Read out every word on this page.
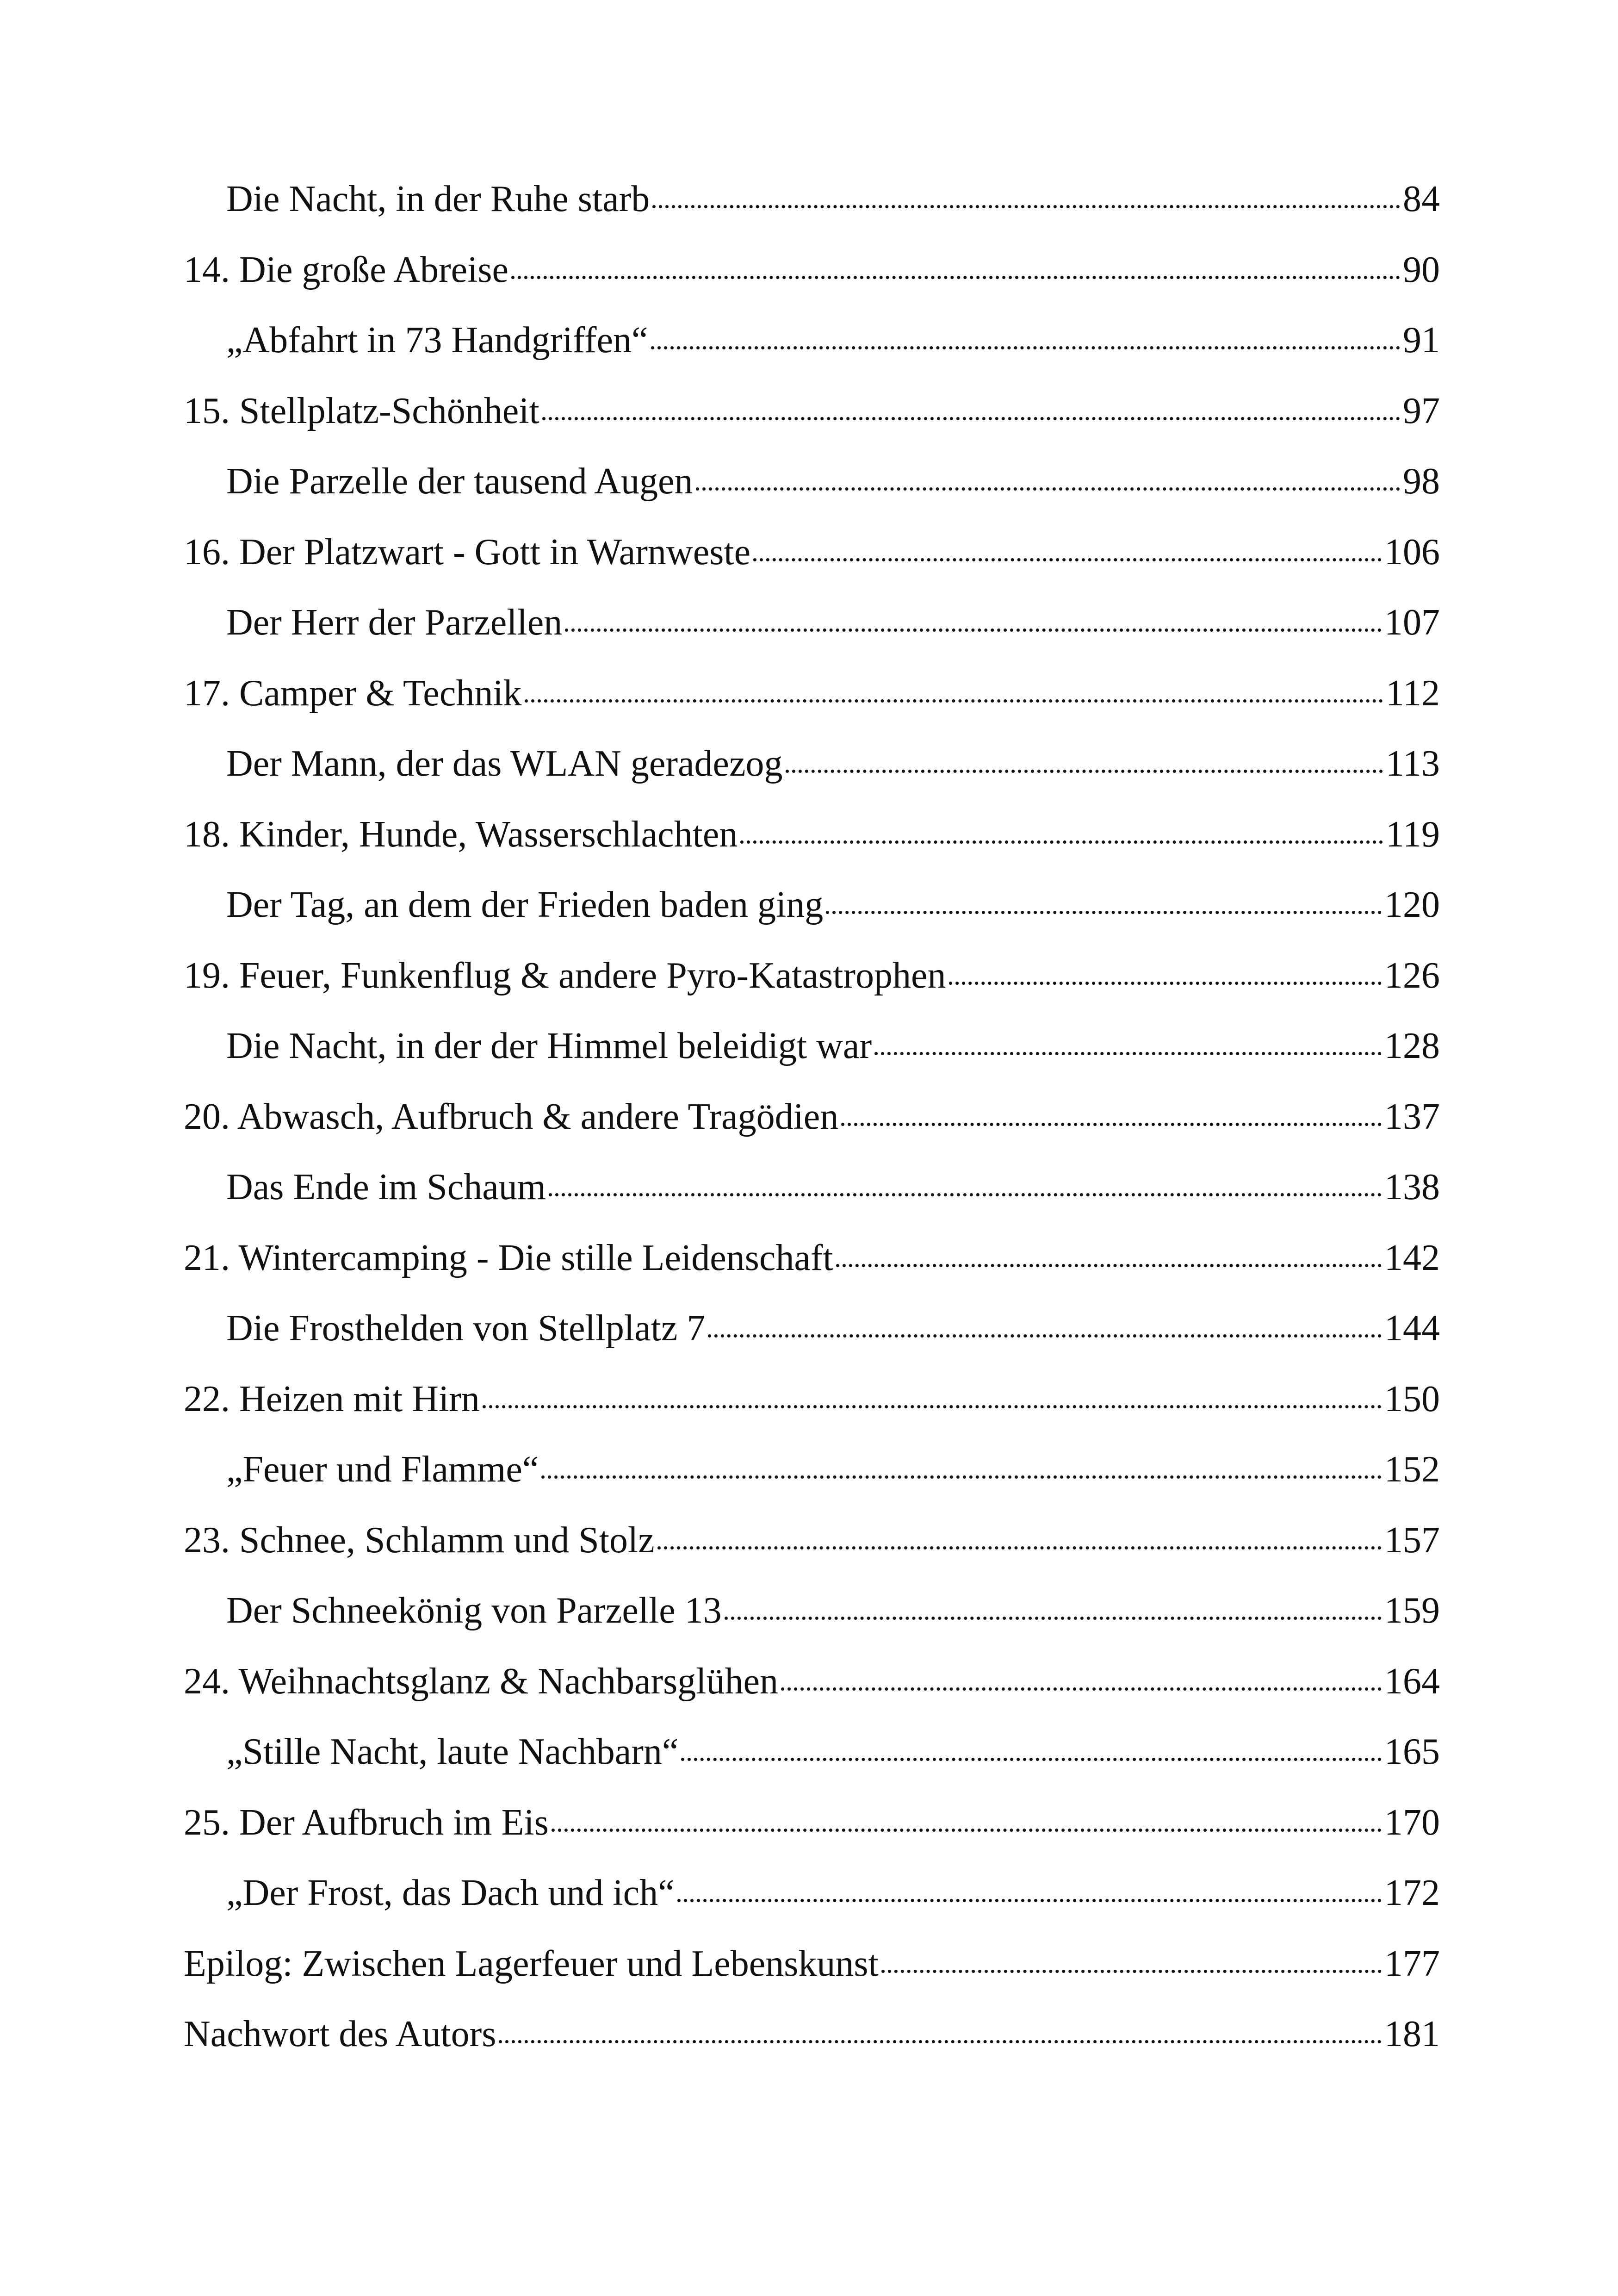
Die Nacht, in der Ruhe starb	84
14. Die große Abreise	90
„Abfahrt in 73 Handgriffen“	91
15. Stellplatz-Schönheit	97
Die Parzelle der tausend Augen	98
16. Der Platzwart - Gott in Warnweste	106
Der Herr der Parzellen	107
17. Camper & Technik	112
Der Mann, der das WLAN geradezog	113
18. Kinder, Hunde, Wasserschlachten	119
Der Tag, an dem der Frieden baden ging	120
19. Feuer, Funkenflug & andere Pyro-Katastrophen	126
Die Nacht, in der der Himmel beleidigt war	128
20. Abwasch, Aufbruch & andere Tragödien	137
Das Ende im Schaum	138
21. Wintercamping - Die stille Leidenschaft	142
Die Frosthelden von Stellplatz 7	144
22. Heizen mit Hirn	150
„Feuer und Flamme“	152
23. Schnee, Schlamm und Stolz	157
Der Schneekönig von Parzelle 13	159
24. Weihnachtsglanz & Nachbarsglühen	164
„Stille Nacht, laute Nachbarn“	165
25. Der Aufbruch im Eis	170
„Der Frost, das Dach und ich“	172
Epilog: Zwischen Lagerfeuer und Lebenskunst	177
Nachwort des Autors	181
